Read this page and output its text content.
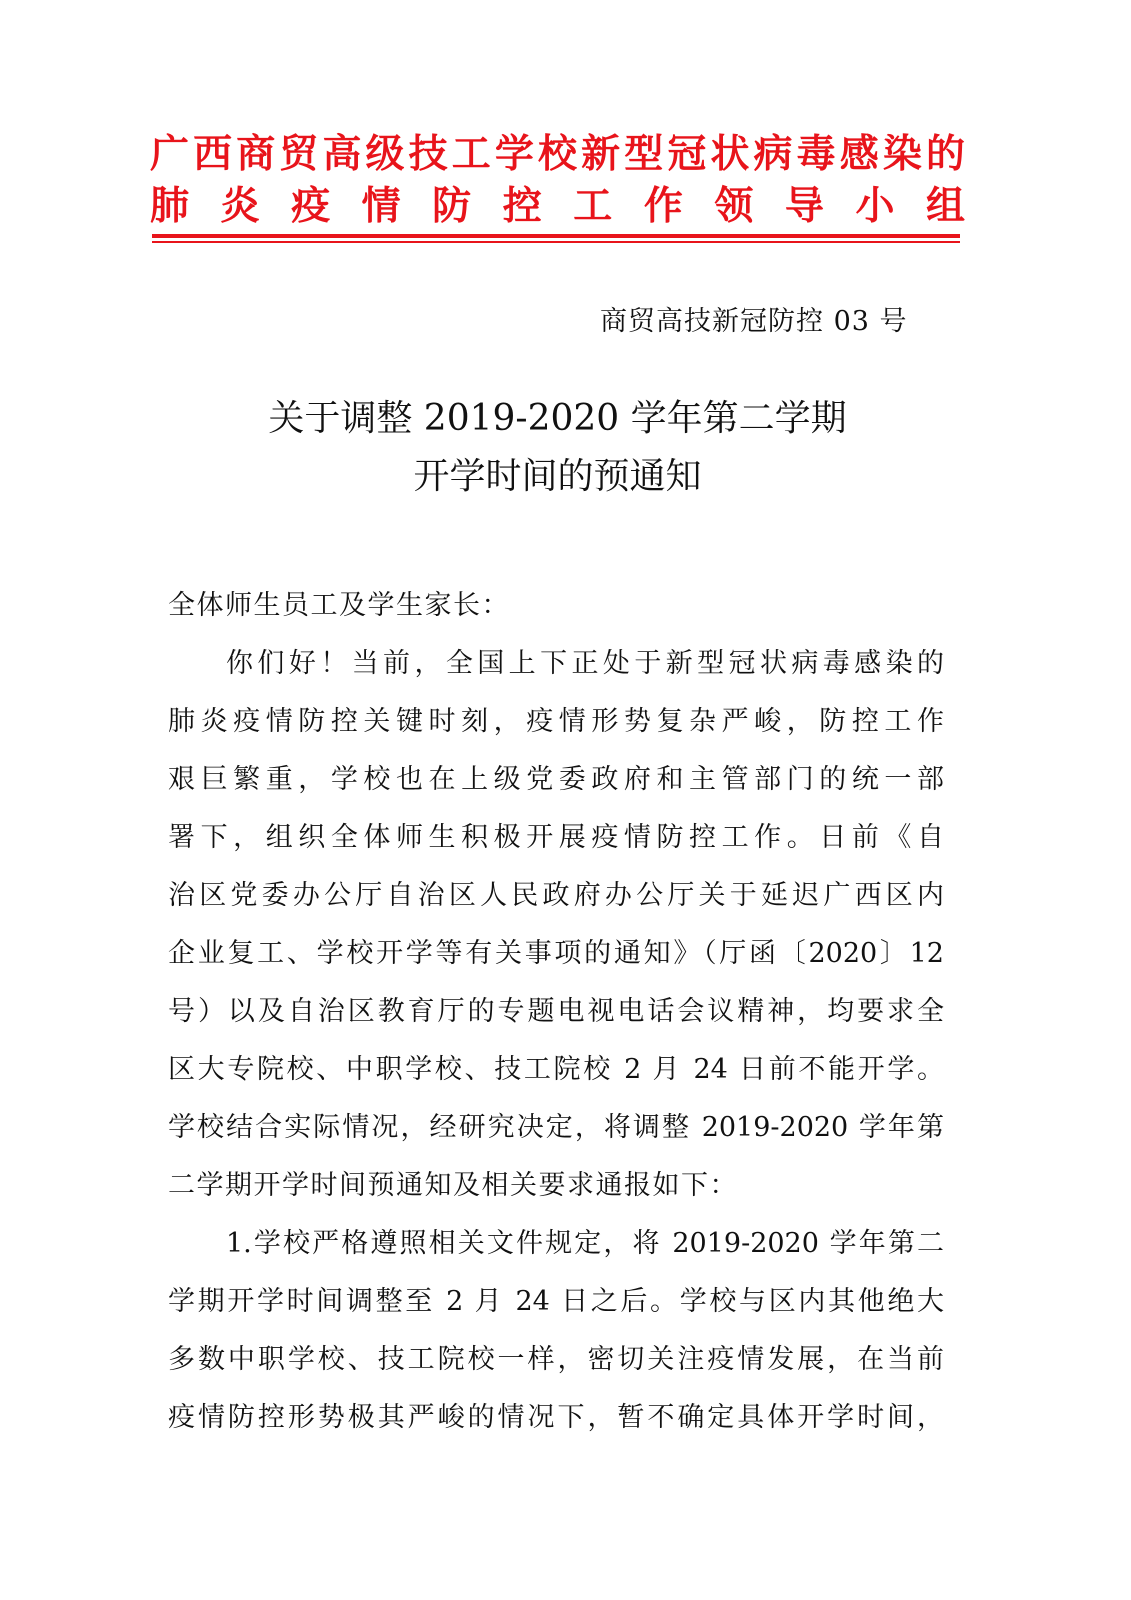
广西商贸高级技工学校新型冠状病毒感染的
肺 炎 疫 情 防 控 工 作 领 导 小 组
商贸高技新冠防控 03 号
关于调整 2019-2020 学年第二学期
开学时间的预通知
全体师生员工及学生家长：
你们好！当前，全国上下正处于新型冠状病毒感染的
肺炎疫情防控关键时刻，疫情形势复杂严峻，防控工作
艰巨繁重，学校也在上级党委政府和主管部门的统一部
署下，组织全体师生积极开展疫情防控工作。日前《自
治区党委办公厅自治区人民政府办公厅关于延迟广西区内
企业复工、学校开学等有关事项的通知》（厅函〔2020〕12
号）以及自治区教育厅的专题电视电话会议精神，均要求全
区大专院校、中职学校、技工院校 2 月 24 日前不能开学。
学校结合实际情况，经研究决定，将调整 2019-2020 学年第
二学期开学时间预通知及相关要求通报如下：
1.学校严格遵照相关文件规定，将 2019-2020 学年第二
学期开学时间调整至 2 月 24 日之后。学校与区内其他绝大
多数中职学校、技工院校一样，密切关注疫情发展，在当前
疫情防控形势极其严峻的情况下，暂不确定具体开学时间，
